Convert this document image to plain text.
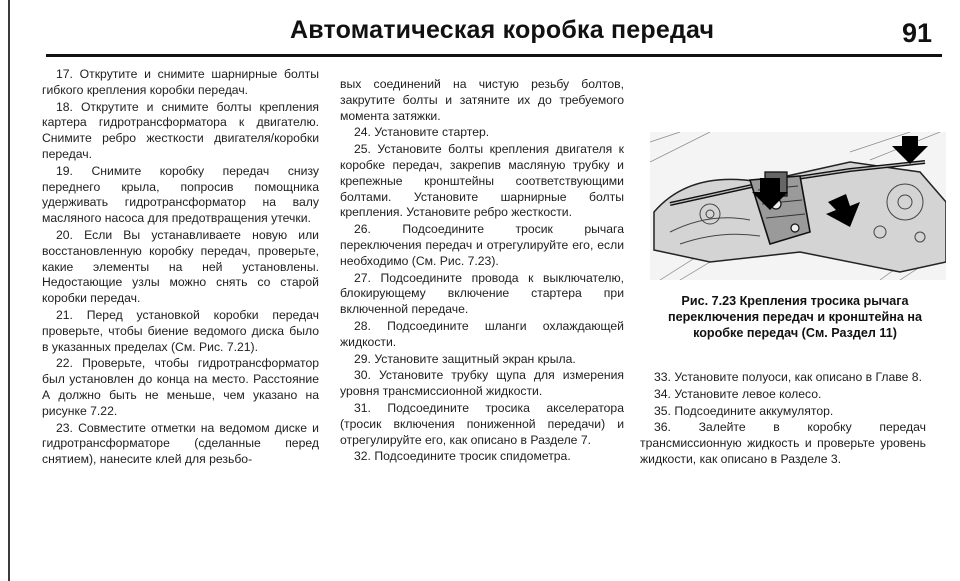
Автоматическая коробка передач	91

17. Открутите и снимите шарнирные болты гибкого крепления коробки передач.

18. Открутите и снимите болты крепления картера гидротрансформатора к двигателю. Снимите ребро жесткости двигателя/коробки передач.

19. Снимите коробку передач снизу переднего крыла, попросив помощника удерживать гидротрансформатор на валу масляного насоса для предотвращения утечки.

20. Если Вы устанавливаете новую или восстановленную коробку передач, проверьте, какие элементы на ней установлены. Недостающие узлы можно снять со старой коробки передач.

21. Перед установкой коробки передач проверьте, чтобы биение ведомого диска было в указанных пределах (См. Рис. 7.21).

22. Проверьте, чтобы гидротрансформатор был установлен до конца на место. Расстояние А должно быть не меньше, чем указано на рисунке 7.22.

23. Совместите отметки на ведомом диске и гидротрансформаторе (сделанные перед снятием), нанесите клей для резьбо-

вых соединений на чистую резьбу болтов, закрутите болты и затяните их до требуемого момента затяжки.

24. Установите стартер.

25. Установите болты крепления двигателя к коробке передач, закрепив масляную трубку и крепежные кронштейны соответствующими болтами. Установите шарнирные болты крепления. Установите ребро жесткости.

26. Подсоедините тросик рычага переключения передач и отрегулируйте его, если необходимо (См. Рис. 7.23).

27. Подсоедините провода к выключателю, блокирующему включение стартера при включенной передаче.

28. Подсоедините шланги охлаждающей жидкости.

29. Установите защитный экран крыла.

30. Установите трубку щупа для измерения уровня трансмиссионной жидкости.

31. Подсоедините тросика акселератора (тросик включения пониженной передачи) и отрегулируйте его, как описано в Разделе 7.

32. Подсоедините тросик спидометра.

Рис. 7.23 Крепления тросика рычага переключения передач и кронштейна на коробке передач (См. Раздел 11)

33. Установите полуоси, как описано в Главе 8.

34. Установите левое колесо.

35. Подсоедините аккумулятор.

36. Залейте в коробку передач трансмиссионную жидкость и проверьте уровень жидкости, как описано в Разделе 3.
